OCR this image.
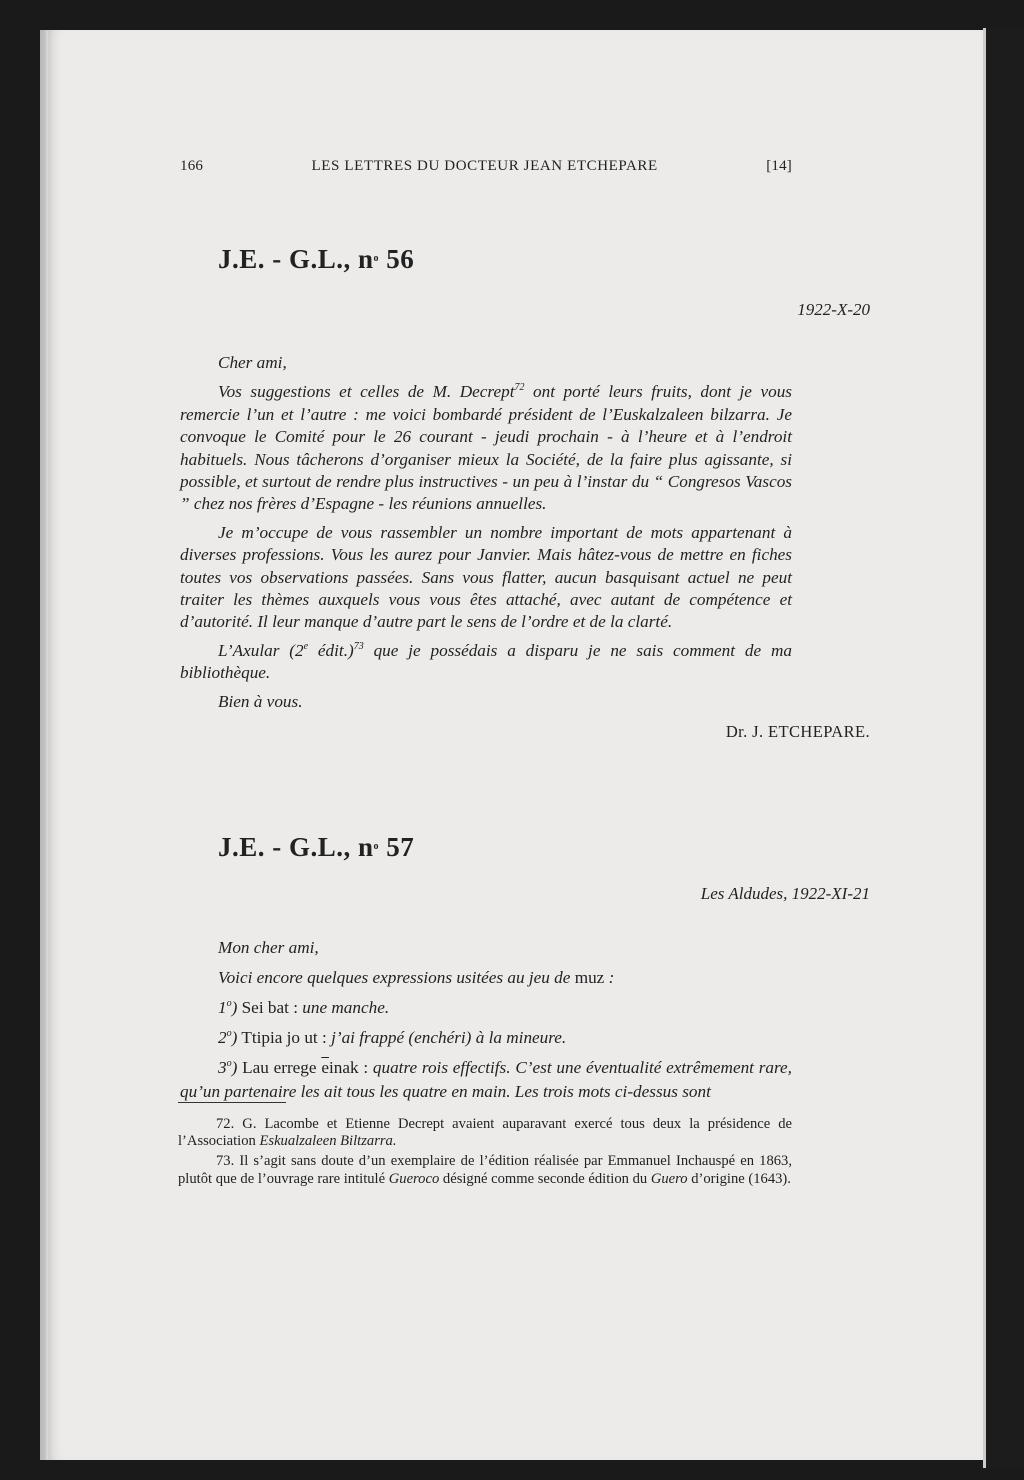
166	LES LETTRES DU DOCTEUR JEAN ETCHEPARE	[14]
J.E. - G.L., $n^o$ 56
1922-X-20

Cher ami,

Vos suggestions et celles de M. Decrept$^{72}$ ont porté leurs fruits, dont je vous remercie l’un et l’autre : me voici bombardé président de l’Euskalzaleen bilzarra. Je convoque le Comité pour le 26 courant - jeudi prochain - à l’heure et à l’endroit habituels. Nous tâcherons d’organiser mieux la Société, de la faire plus agissante, si possible, et surtout de rendre plus instructives - un peu à l’instar du “ Congresos Vascos ” chez nos frères d’Espagne - les réunions annuelles.

Je m’occupe de vous rassembler un nombre important de mots appartenant à diverses professions. Vous les aurez pour Janvier. Mais hâtez-vous de mettre en fiches toutes vos observations passées. Sans vous flatter, aucun basquisant actuel ne peut traiter les thèmes auxquels vous vous êtes attaché, avec autant de compétence et d’autorité. Il leur manque d’autre part le sens de l’ordre et de la clarté.

L’Axular (2e édit.)$^{73}$ que je possédais a disparu je ne sais comment de ma bibliothèque.

Bien à vous.

Dr. J. ETCHEPARE.
J.E. - G.L., $n^o$ 57
Les Aldudes, 1922-XI-21

Mon cher ami,

Voici encore quelques expressions usitées au jeu de muz :

1$^o$) Sei bat : une manche.

2$^o$) Ttipia jo ut : j’ai frappé (enchéri) à la mineure.

3$^o$) Lau errege $\overline{e}inak$ : quatre rois effectifs. C’est une éventualité extrêmement rare, qu’un partenaire les ait tous les quatre en main. Les trois mots ci-dessus sont

72. G. Lacombe et Etienne Decrept avaient auparavant exercé tous deux la présidence de l’Association Eskualzaleen Biltzarra.

73. Il s’agit sans doute d’un exemplaire de l’édition réalisée par Emmanuel Inchauspé en 1863, plutôt que de l’ouvrage rare intitulé Gueroco désigné comme seconde édition du Guero d’origine (1643).
